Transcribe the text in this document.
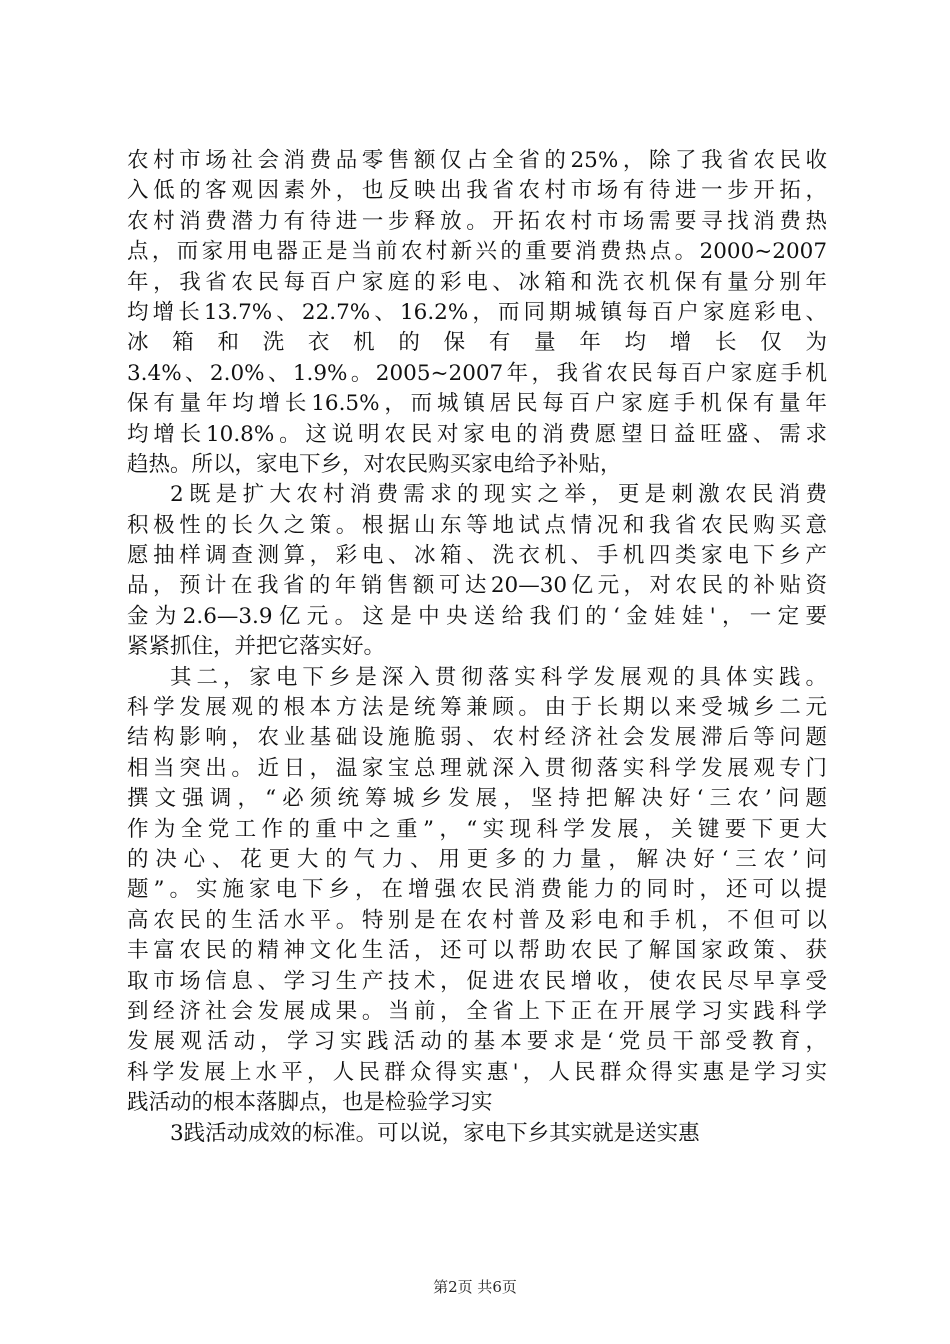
农村市场社会消费品零售额仅占全省的25%，除了我省农民收
入低的客观因素外，也反映出我省农村市场有待进一步开拓，
农村消费潜力有待进一步释放。开拓农村市场需要寻找消费热
点，而家用电器正是当前农村新兴的重要消费热点。2000~2007
年，我省农民每百户家庭的彩电、冰箱和洗衣机保有量分别年
均增长13.7%、22.7%、16.2%，而同期城镇每百户家庭彩电、
冰箱和洗衣机的保有量年均增长仅为
3.4%、2.0%、1.9%。2005~2007年，我省农民每百户家庭手机
保有量年均增长16.5%，而城镇居民每百户家庭手机保有量年
均增长10.8%。这说明农民对家电的消费愿望日益旺盛、需求
趋热。所以，家电下乡，对农民购买家电给予补贴，
2既是扩大农村消费需求的现实之举，更是刺激农民消费
积极性的长久之策。根据山东等地试点情况和我省农民购买意
愿抽样调查测算，彩电、冰箱、洗衣机、手机四类家电下乡产
品，预计在我省的年销售额可达20—30亿元，对农民的补贴资
金为2.6—3.9亿元。这是中央送给我们的‘金娃娃'，一定要
紧紧抓住，并把它落实好。
其二，家电下乡是深入贯彻落实科学发展观的具体实践。
科学发展观的根本方法是统筹兼顾。由于长期以来受城乡二元
结构影响，农业基础设施脆弱、农村经济社会发展滞后等问题
相当突出。近日，温家宝总理就深入贯彻落实科学发展观专门
撰文强调，“必须统筹城乡发展，坚持把解决好‘三农’问题
作为全党工作的重中之重”，“实现科学发展，关键要下更大
的决心、花更大的气力、用更多的力量，解决好‘三农’问
题”。实施家电下乡，在增强农民消费能力的同时，还可以提
高农民的生活水平。特别是在农村普及彩电和手机，不但可以
丰富农民的精神文化生活，还可以帮助农民了解国家政策、获
取市场信息、学习生产技术，促进农民增收，使农民尽早享受
到经济社会发展成果。当前，全省上下正在开展学习实践科学
发展观活动，学习实践活动的基本要求是‘党员干部受教育，
科学发展上水平，人民群众得实惠'，人民群众得实惠是学习实
践活动的根本落脚点，也是检验学习实
3践活动成效的标准。可以说，家电下乡其实就是送实惠
第2页 共6页
